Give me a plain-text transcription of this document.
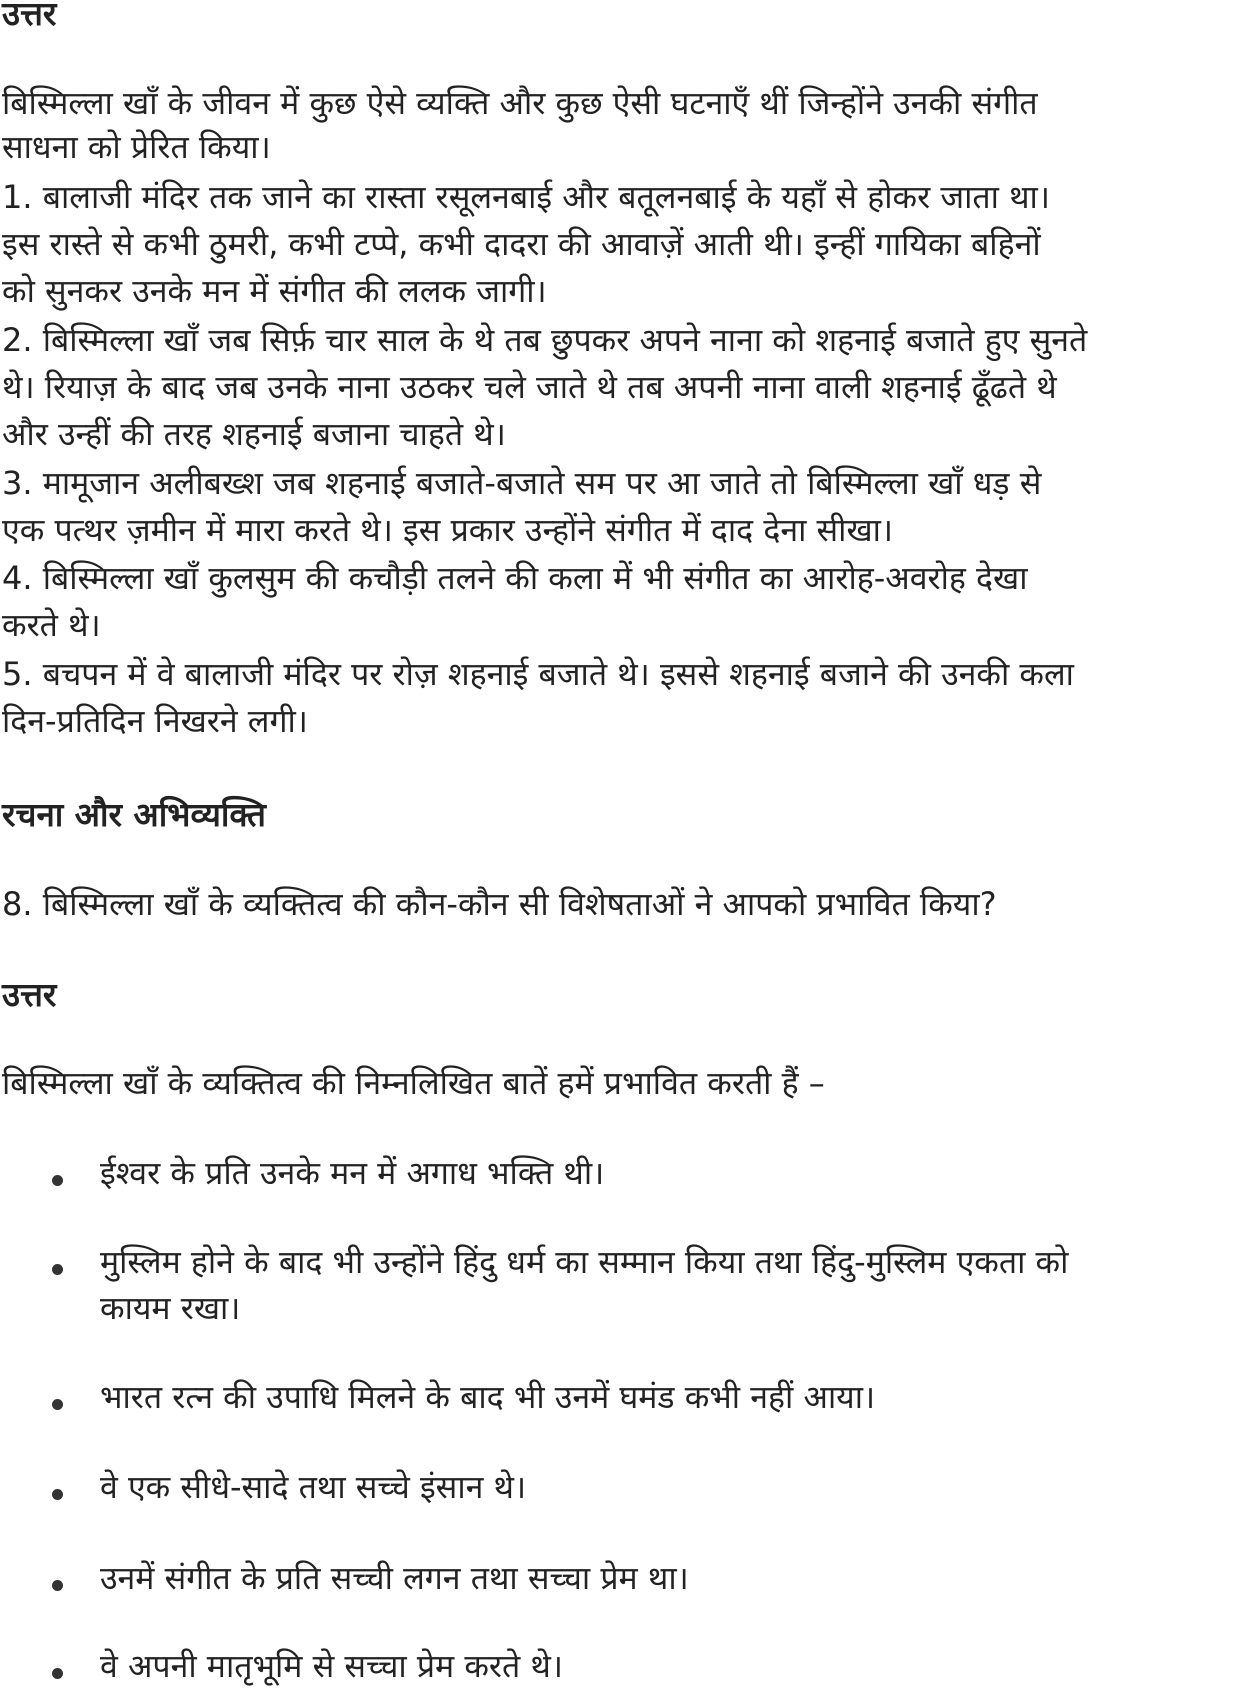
उत्तर

बिस्मिल्ला खाँ के जीवन में कुछ ऐसे व्यक्ति और कुछ ऐसी घटनाएँ थीं जिन्होंने उनकी संगीत

साधना को प्रेरित किया।

1. बालाजी मंदिर तक जाने का रास्ता रसूलनबाई और बतूलनबाई के यहाँ से होकर जाता था।

इस रास्ते से कभी ठुमरी, कभी टप्पे, कभी दादरा की आवाज़ें आती थी। इन्हीं गायिका बहिनों

को सुनकर उनके मन में संगीत की ललक जागी।

2. बिस्मिल्ला खाँ जब सिर्फ़ चार साल के थे तब छुपकर अपने नाना को शहनाई बजाते हुए सुनते

थे। रियाज़ के बाद जब उनके नाना उठकर चले जाते थे तब अपनी नाना वाली शहनाई ढूँढते थे

और उन्हीं की तरह शहनाई बजाना चाहते थे।

3. मामूजान अलीबख्श जब शहनाई बजाते-बजाते सम पर आ जाते तो बिस्मिल्ला खाँ धड़ से

एक पत्थर ज़मीन में मारा करते थे। इस प्रकार उन्होंने संगीत में दाद देना सीखा।

4. बिस्मिल्ला खाँ कुलसुम की कचौड़ी तलने की कला में भी संगीत का आरोह-अवरोह देखा

करते थे।

5. बचपन में वे बालाजी मंदिर पर रोज़ शहनाई बजाते थे। इससे शहनाई बजाने की उनकी कला

दिन-प्रतिदिन निखरने लगी।

रचना और अभिव्यक्ति

8. बिस्मिल्ला खाँ के व्यक्तित्व की कौन-कौन सी विशेषताओं ने आपको प्रभावित किया?

उत्तर

बिस्मिल्ला खाँ के व्यक्तित्व की निम्नलिखित बातें हमें प्रभावित करती हैं –

ईश्वर के प्रति उनके मन में अगाध भक्ति थी।

मुस्लिम होने के बाद भी उन्होंने हिंदु धर्म का सम्मान किया तथा हिंदु-मुस्लिम एकता को

कायम रखा।

भारत रत्न की उपाधि मिलने के बाद भी उनमें घमंड कभी नहीं आया।

वे एक सीधे-सादे तथा सच्चे इंसान थे।

उनमें संगीत के प्रति सच्ची लगन तथा सच्चा प्रेम था।

वे अपनी मातृभूमि से सच्चा प्रेम करते थे।
